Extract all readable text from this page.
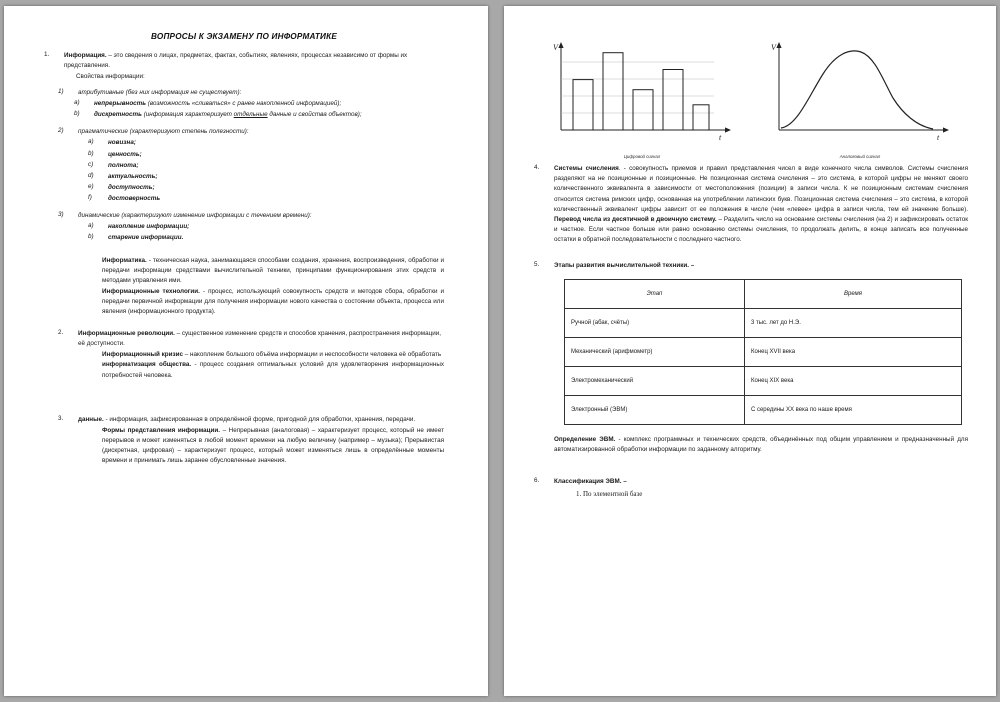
ВОПРОСЫ К ЭКЗАМЕНУ ПО ИНФОРМАТИКЕ
1.	Информация. – это сведения о лицах, предметах, фактах, событиях, явлениях, процессах независимо от формы их представления.
Свойства информации:
1)	атрибутивные (без них информация не существует):
a)	непрерывность (возможность «сливаться» с ранее накопленной информацией);
b)	дискретность (информация характеризует отдельные данные и свойства объектов);
2)	прагматические (характеризуют степень полезности):
a)	новизна;
b)	ценность;
c)	полнота;
d)	актуальность;
e)	доступность;
f)	достоверность
3)	динамические (характеризуют изменение информации с течением времени):
a)	накопление информации;
b)	старение информации.
Информатика. - техническая наука, занимающаяся способами создания, хранения, воспроизведения, обработки и передачи информации средствами вычислительной техники, принципами функционирования этих средств и методами управления ими.
Информационные технологии. - процесс, использующий совокупность средств и методов сбора, обработки и передачи первичной информации для получения информации нового качества о состоянии объекта, процесса или явления (информационного продукта).
2.	Информационные революции. – существенное изменение средств и способов хранения, распространения информации, её доступности.
Информационный кризис – накопление большого объёма информации и неспособности человека её обработать
информатизация общества. - процесс создания оптимальных условий для удовлетворения информационных потребностей человека.
3.	данные. - информация, зафиксированная в определённой форме, пригодной для обработки, хранения, передачи.
Формы представления информации. – Непрерывная (аналоговая) – характеризует процесс, который не имеет перерывов и может изменяться в любой момент времени на любую величину (например – музыка); Прерывистая (дискретная, цифровая) – характеризует процесс, который может изменяться лишь в определённые моменты времени и принимать лишь заранее обусловленные значения.
V
t
Цифровой сигнал
V
t
Аналоговый сигнал
4.	Системы счисления. - совокупность приемов и правил представления чисел в виде конечного числа символов. Системы счисления разделяют на не позиционные и позиционные. Не позиционная система счисления – это система, в которой цифры не меняют своего количественного эквивалента в зависимости от местоположения (позиции) в записи числа. К не позиционным системам счисления относится система римских цифр, основанная на употреблении латинских букв. Позиционная система счисления – это система, в которой количественный эквивалент цифры зависит от ее положения в числе (чем «левее» цифра в записи числа, тем ей значение больше). Перевод числа из десятичной в двоичную систему. – Разделить число на основание системы счисления (на 2) и зафиксировать остаток и частное. Если частное больше или равно основанию системы счисления, то продолжать делить, в конце записать все полученные остатки в обратной последовательности с последнего частного.
5.	Этапы развития вычислительной техники. –
Этап	Время
Ручной (абак, счёты)	3 тыс. лет до Н.Э.
Механический (арифмометр)	Конец XVII века
Электромеханический	Конец XIX века
Электронный (ЭВМ)	С середины XX века по наше время
Определение ЭВМ. - комплекс программных и технических средств, объединённых под общим управлением и предназначенный для автоматизированной обработки информации по заданному алгоритму.
6.	Классификация ЭВМ. –
1. По элементной базе
